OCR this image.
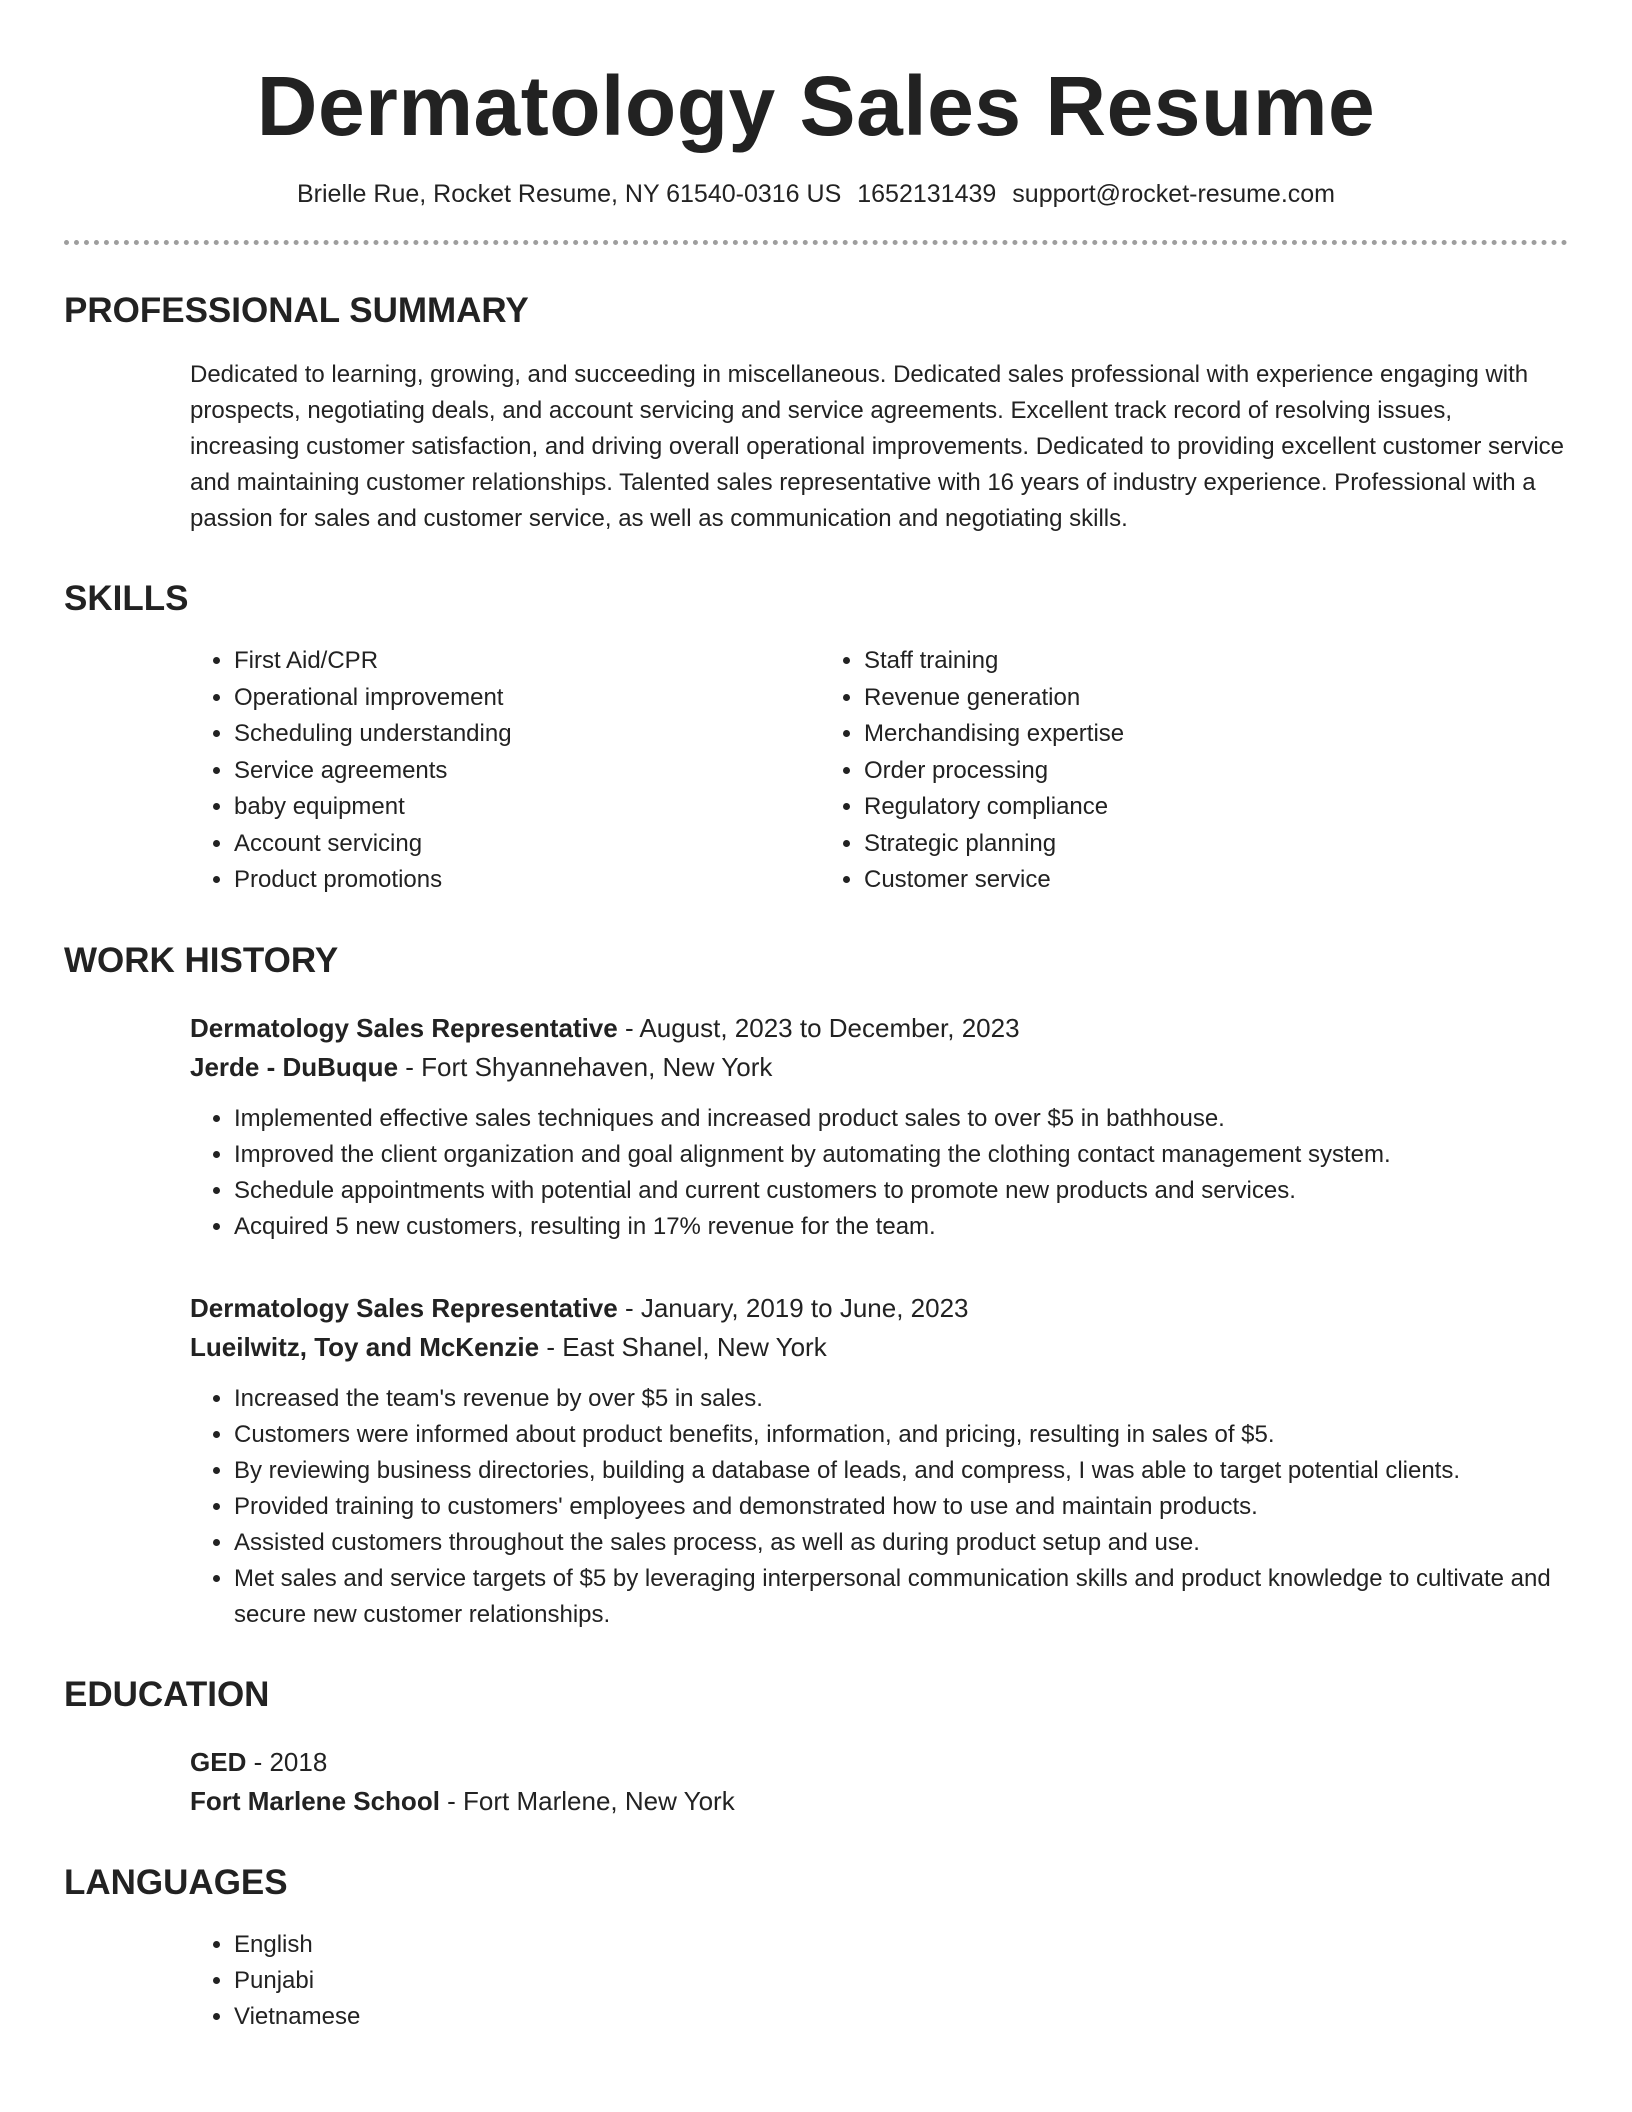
Dermatology Sales Resume
Brielle Rue, Rocket Resume, NY 61540-0316 US 1652131439 support@rocket-resume.com
PROFESSIONAL SUMMARY
Dedicated to learning, growing, and succeeding in miscellaneous. Dedicated sales professional with experience engaging with prospects, negotiating deals, and account servicing and service agreements. Excellent track record of resolving issues, increasing customer satisfaction, and driving overall operational improvements. Dedicated to providing excellent customer service and maintaining customer relationships. Talented sales representative with 16 years of industry experience. Professional with a passion for sales and customer service, as well as communication and negotiating skills.
SKILLS
• First Aid/CPR
• Operational improvement
• Scheduling understanding
• Service agreements
• baby equipment
• Account servicing
• Product promotions
• Staff training
• Revenue generation
• Merchandising expertise
• Order processing
• Regulatory compliance
• Strategic planning
• Customer service
WORK HISTORY
Dermatology Sales Representative - August, 2023 to December, 2023
Jerde - DuBuque - Fort Shyannehaven, New York
• Implemented effective sales techniques and increased product sales to over $5 in bathhouse.
• Improved the client organization and goal alignment by automating the clothing contact management system.
• Schedule appointments with potential and current customers to promote new products and services.
• Acquired 5 new customers, resulting in 17% revenue for the team.
Dermatology Sales Representative - January, 2019 to June, 2023
Lueilwitz, Toy and McKenzie - East Shanel, New York
• Increased the team's revenue by over $5 in sales.
• Customers were informed about product benefits, information, and pricing, resulting in sales of $5.
• By reviewing business directories, building a database of leads, and compress, I was able to target potential clients.
• Provided training to customers' employees and demonstrated how to use and maintain products.
• Assisted customers throughout the sales process, as well as during product setup and use.
• Met sales and service targets of $5 by leveraging interpersonal communication skills and product knowledge to cultivate and secure new customer relationships.
EDUCATION
GED - 2018
Fort Marlene School - Fort Marlene, New York
LANGUAGES
• English
• Punjabi
• Vietnamese
